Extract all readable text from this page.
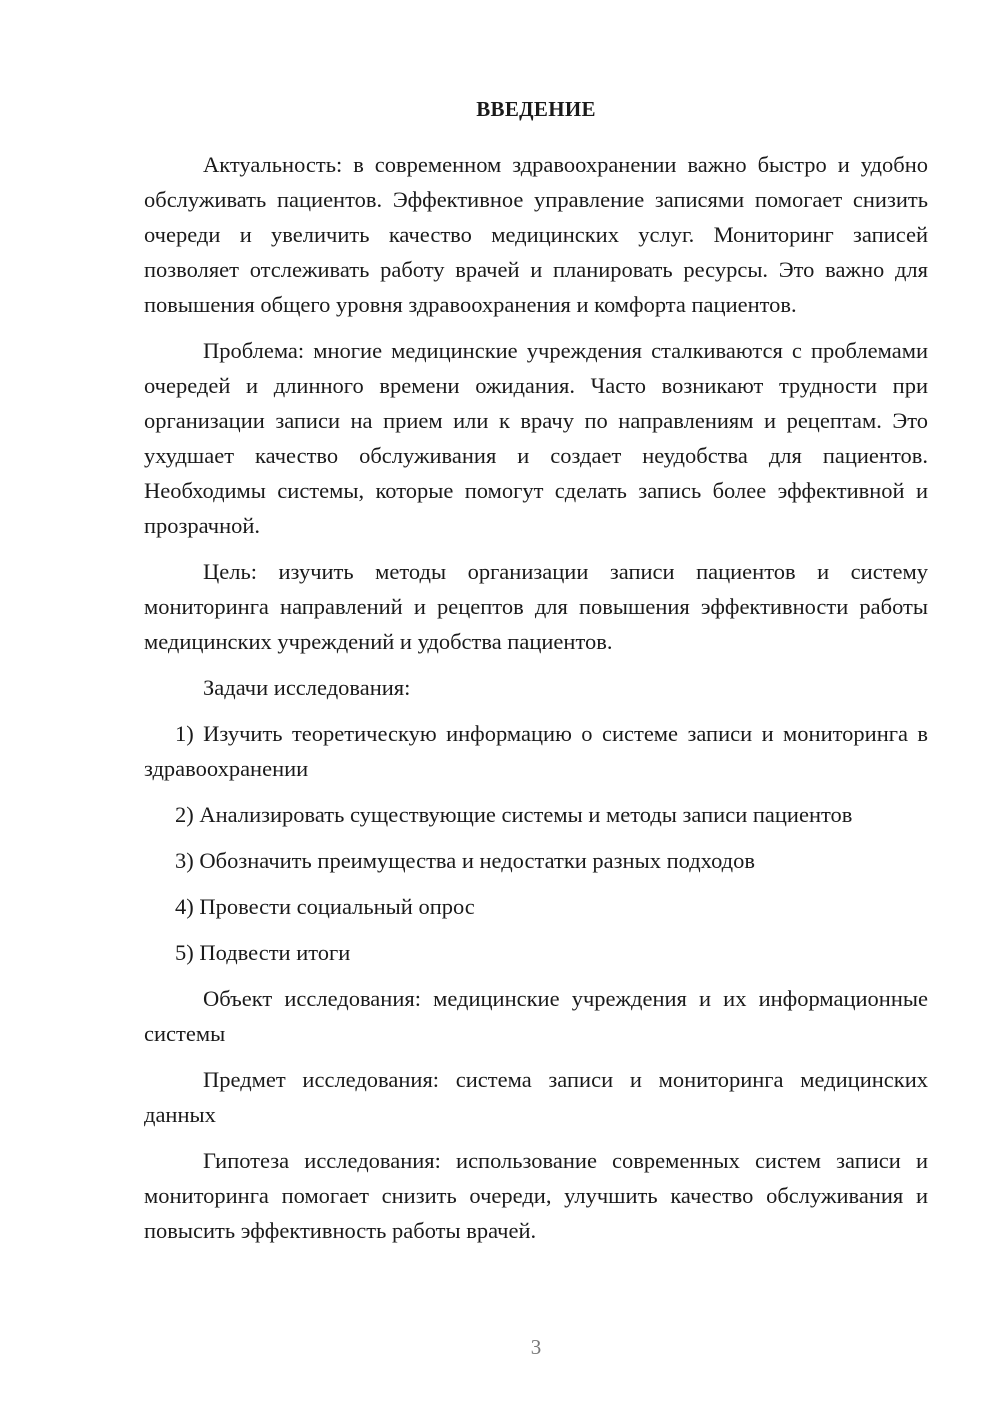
ВВЕДЕНИЕ

Актуальность: в современном здравоохранении важно быстро и удобно обслуживать пациентов. Эффективное управление записями помогает снизить очереди и увеличить качество медицинских услуг. Мониторинг записей позволяет отслеживать работу врачей и планировать ресурсы. Это важно для повышения общего уровня здравоохранения и комфорта пациентов.

Проблема: многие медицинские учреждения сталкиваются с проблемами очередей и длинного времени ожидания. Часто возникают трудности при организации записи на прием или к врачу по направлениям и рецептам. Это ухудшает качество обслуживания и создает неудобства для пациентов. Необходимы системы, которые помогут сделать запись более эффективной и прозрачной.

Цель: изучить методы организации записи пациентов и систему мониторинга направлений и рецептов для повышения эффективности работы медицинских учреждений и удобства пациентов.

Задачи исследования:

1) Изучить теоретическую информацию о системе записи и мониторинга в здравоохранении

2) Анализировать существующие системы и методы записи пациентов

3) Обозначить преимущества и недостатки разных подходов

4) Провести социальный опрос

5) Подвести итоги

Объект исследования: медицинские учреждения и их информационные системы

Предмет исследования: система записи и мониторинга медицинских данных

Гипотеза исследования: использование современных систем записи и мониторинга помогает снизить очереди, улучшить качество обслуживания и повысить эффективность работы врачей.

3
